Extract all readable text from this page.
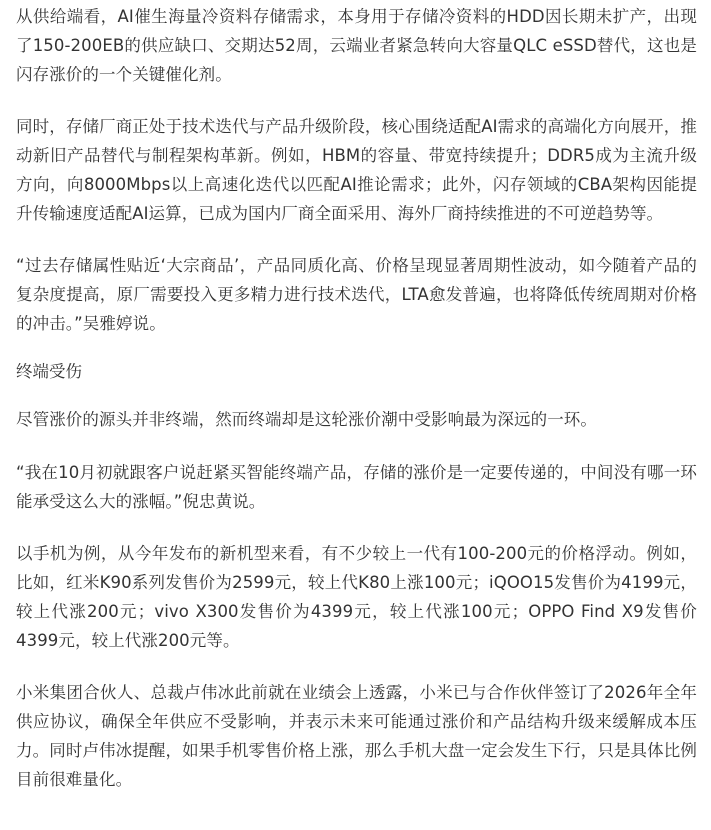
从供给端看，AI催生海量冷资料存储需求，本身用于存储冷资料的HDD因长期未扩产，出现了150-200EB的供应缺口、交期达52周，云端业者紧急转向大容量QLC eSSD替代，这也是闪存涨价的一个关键催化剂。

同时，存储厂商正处于技术迭代与产品升级阶段，核心围绕适配AI需求的高端化方向展开，推动新旧产品替代与制程架构革新。例如，HBM的容量、带宽持续提升；DDR5成为主流升级方向，向8000Mbps以上高速化迭代以匹配AI推论需求；此外，闪存领域的CBA架构因能提升传输速度适配AI运算，已成为国内厂商全面采用、海外厂商持续推进的不可逆趋势等。

“过去存储属性贴近‘大宗商品’，产品同质化高、价格呈现显著周期性波动，如今随着产品的复杂度提高，原厂需要投入更多精力进行技术迭代，LTA愈发普遍，也将降低传统周期对价格的冲击。”吴雅婷说。

终端受伤

尽管涨价的源头并非终端，然而终端却是这轮涨价潮中受影响最为深远的一环。

“我在10月初就跟客户说赶紧买智能终端产品，存储的涨价是一定要传递的，中间没有哪一环能承受这么大的涨幅。”倪忠黄说。

以手机为例，从今年发布的新机型来看，有不少较上一代有100-200元的价格浮动。例如，比如，红米K90系列发售价为2599元，较上代K80上涨100元；iQOO15发售价为4199元，较上代涨200元；vivo X300发售价为4399元，较上代涨100元；OPPO Find X9发售价4399元，较上代涨200元等。

小米集团合伙人、总裁卢伟冰此前就在业绩会上透露，小米已与合作伙伴签订了2026年全年供应协议，确保全年供应不受影响，并表示未来可能通过涨价和产品结构升级来缓解成本压力。同时卢伟冰提醒，如果手机零售价格上涨，那么手机大盘一定会发生下行，只是具体比例目前很难量化。
